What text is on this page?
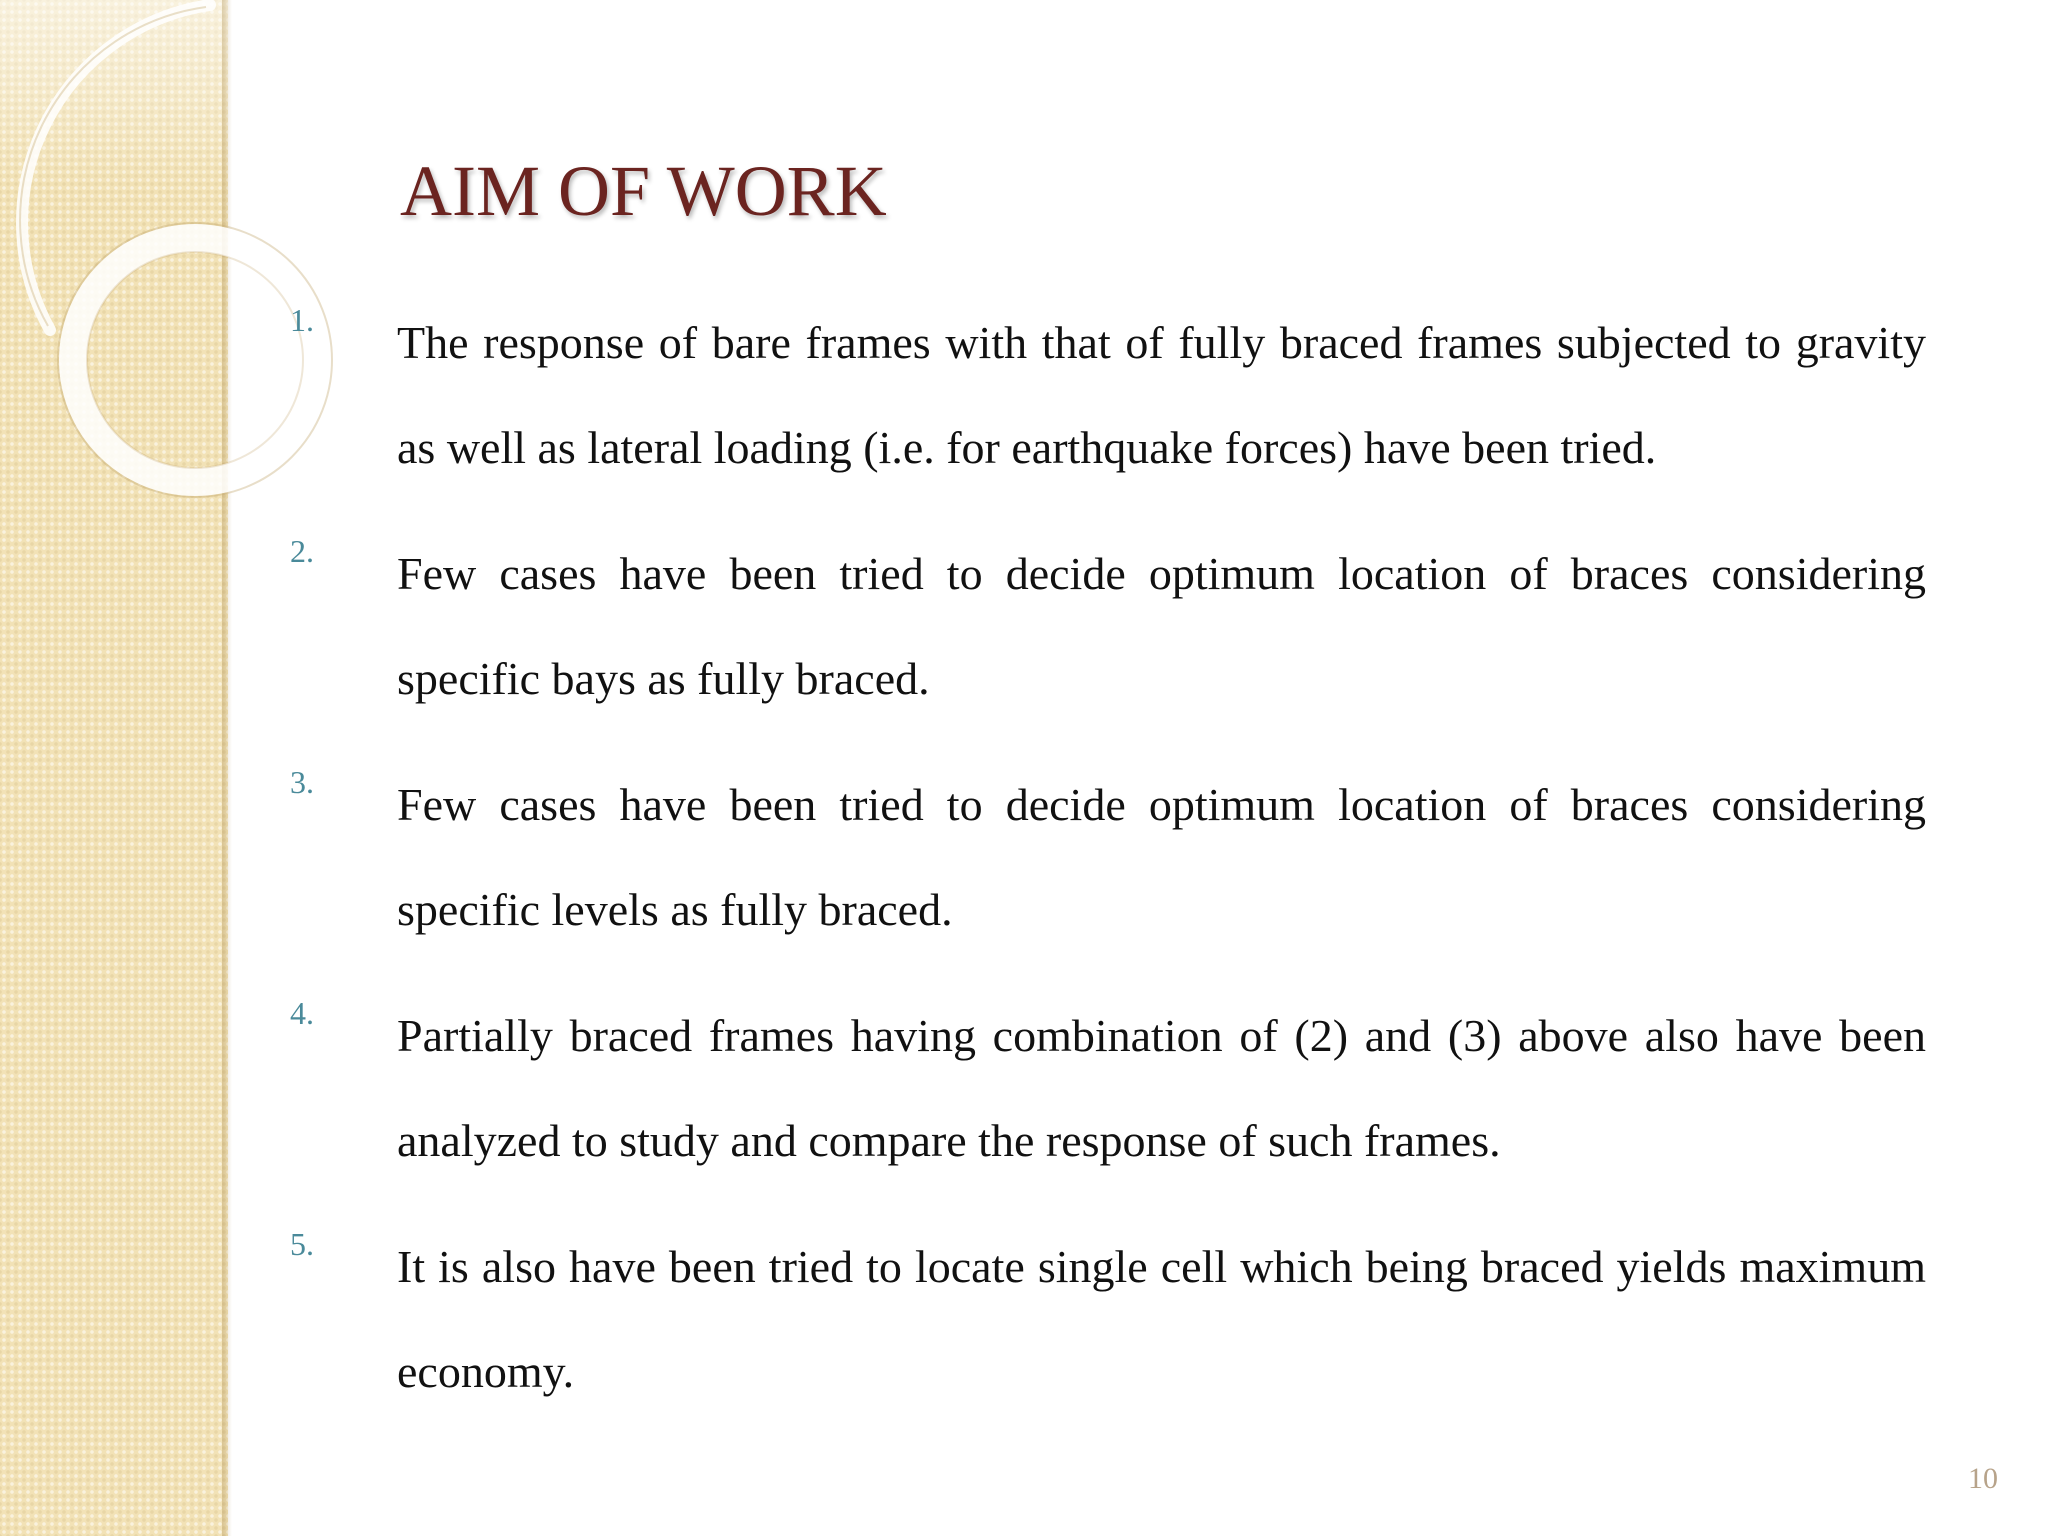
AIM OF WORK
1. The response of bare frames with that of fully braced frames subjected to gravity as well as lateral loading (i.e. for earthquake forces) have been tried.
2. Few cases have been tried to decide optimum location of braces considering specific bays as fully braced.
3. Few cases have been tried to decide optimum location of braces considering specific levels as fully braced.
4. Partially braced frames having combination of (2) and (3) above also have been analyzed to study and compare the response of such frames.
5. It is also have been tried to locate single cell which being braced yields maximum economy.
10
